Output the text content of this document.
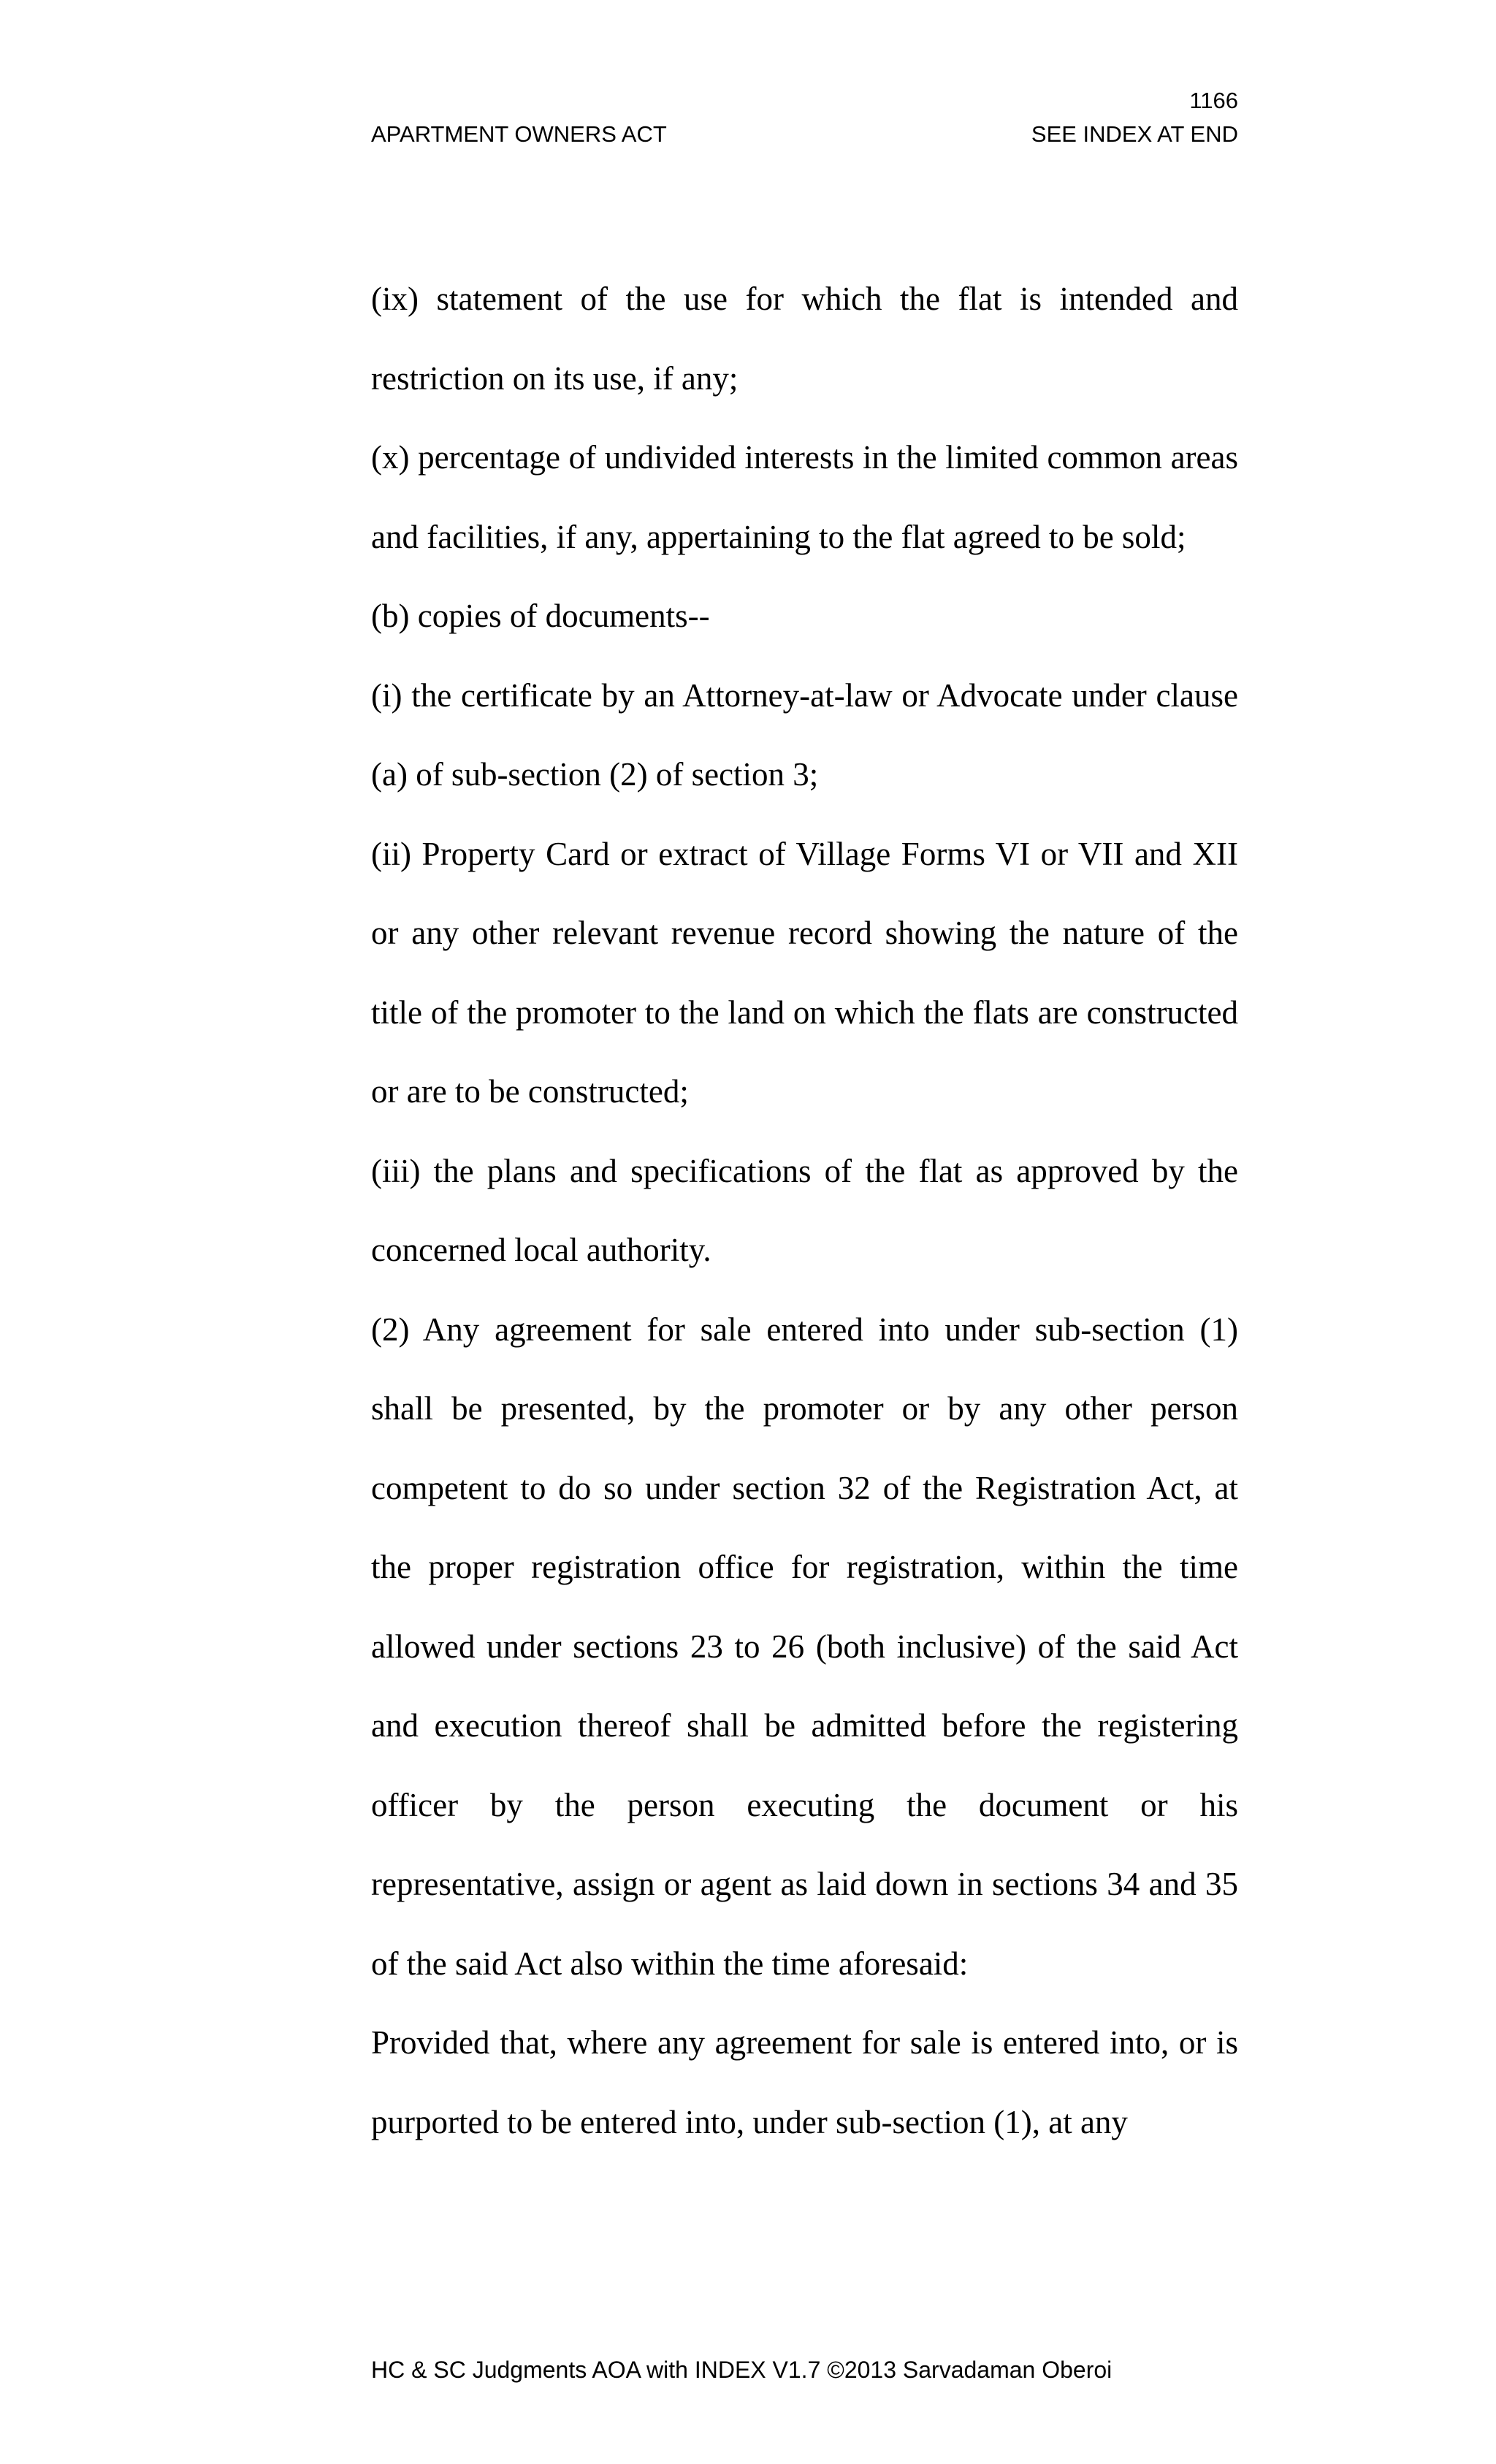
1166
APARTMENT OWNERS ACT	SEE INDEX AT END

(ix) statement of the use for which the flat is intended and restriction on its use, if any;

(x) percentage of undivided interests in the limited common areas and facilities, if any, appertaining to the flat agreed to be sold;

(b) copies of documents--

(i) the certificate by an Attorney-at-law or Advocate under clause (a) of sub-section (2) of section 3;

(ii) Property Card or extract of Village Forms VI or VII and XII or any other relevant revenue record showing the nature of the title of the promoter to the land on which the flats are constructed or are to be constructed;

(iii) the plans and specifications of the flat as approved by the concerned local authority.

(2) Any agreement for sale entered into under sub-section (1) shall be presented, by the promoter or by any other person competent to do so under section 32 of the Registration Act, at the proper registration office for registration, within the time allowed under sections 23 to 26 (both inclusive) of the said Act and execution thereof shall be admitted before the registering officer by the person executing the document or his representative, assign or agent as laid down in sections 34 and 35 of the said Act also within the time aforesaid:

Provided that, where any agreement for sale is entered into, or is purported to be entered into, under sub-section (1), at any

HC & SC Judgments AOA with INDEX V1.7 ©2013 Sarvadaman Oberoi
